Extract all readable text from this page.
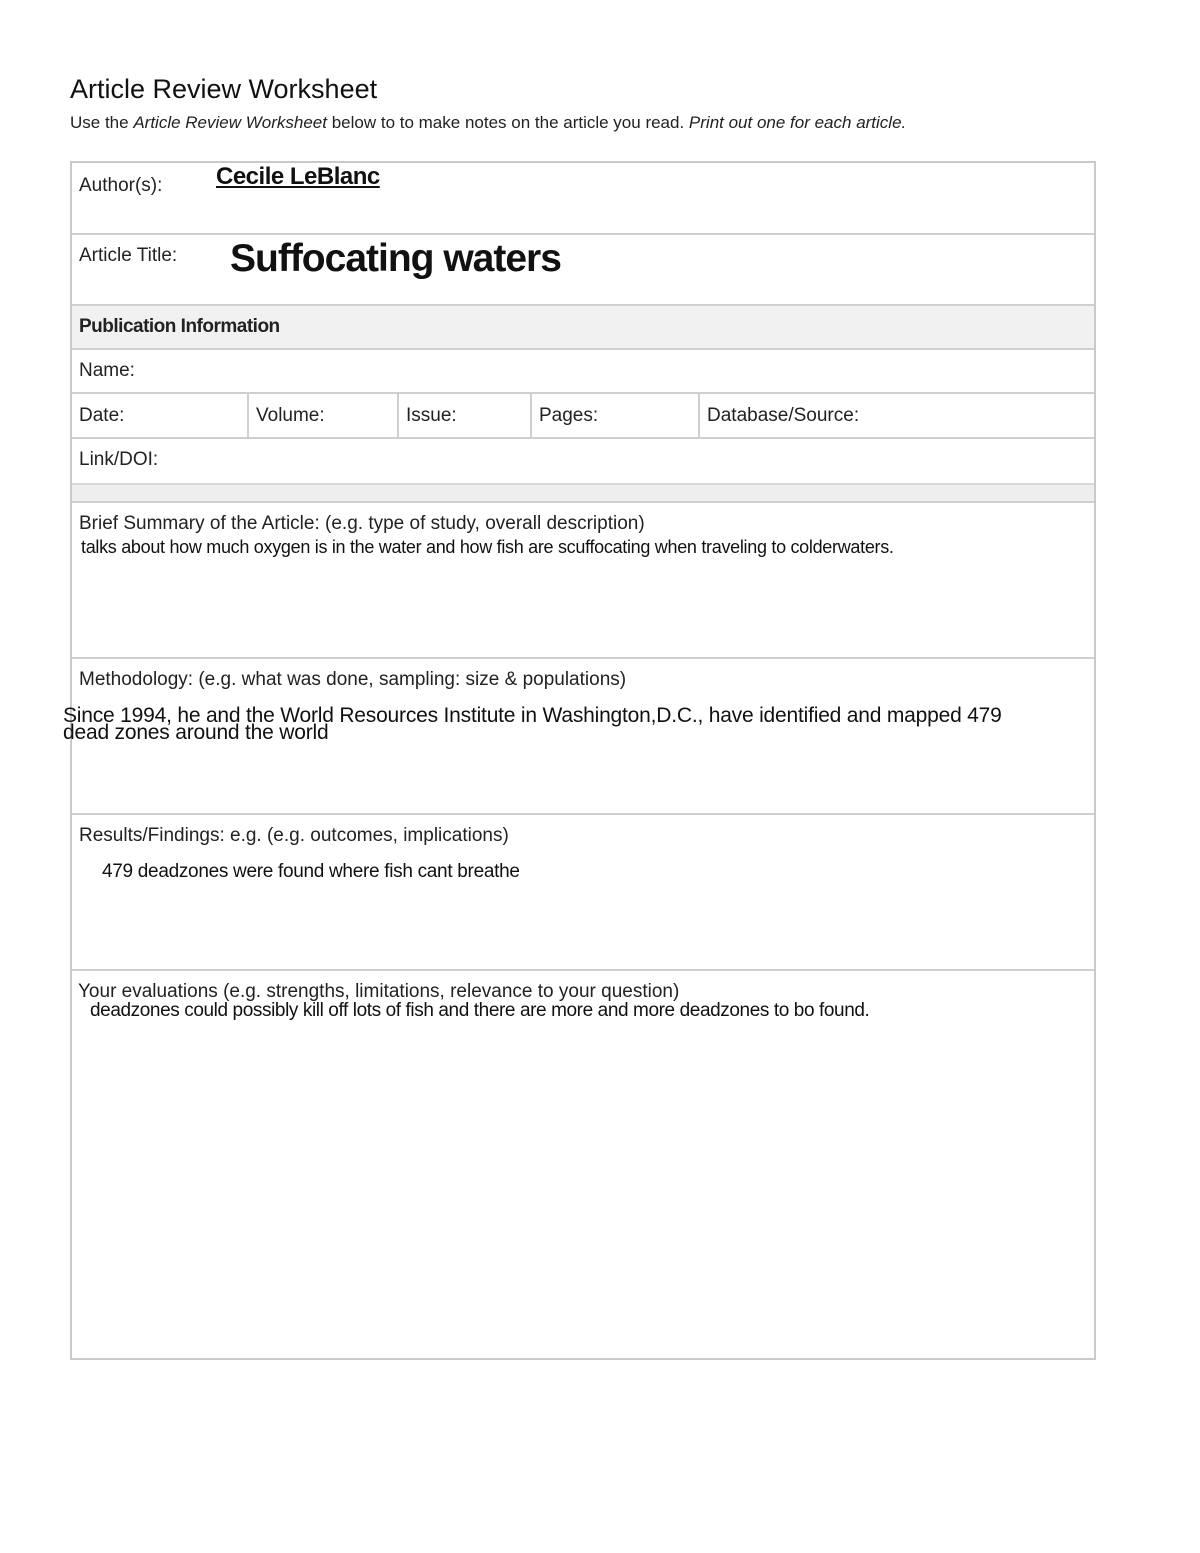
Article Review Worksheet

Use the Article Review Worksheet below to to make notes on the article you read. Print out one for each article.

Author(s): Cecile LeBlanc
Article Title: Suffocating waters
Publication Information
Name:
Date:	Volume:	Issue:	Pages:	Database/Source:
Link/DOI:
Brief Summary of the Article: (e.g. type of study, overall description)
talks about how much oxygen is in the water and how fish are scuffocating when traveling to colderwaters.
Methodology: (e.g. what was done, sampling: size & populations)
Since 1994, he and the World Resources Institute in Washington,D.C., have identified and mapped 479 dead zones around the world
Results/Findings: e.g. (e.g. outcomes, implications)
479 deadzones were found where fish cant breathe
Your evaluations (e.g. strengths, limitations, relevance to your question)
deadzones could possibly kill off lots of fish and there are more and more deadzones to bo found.
